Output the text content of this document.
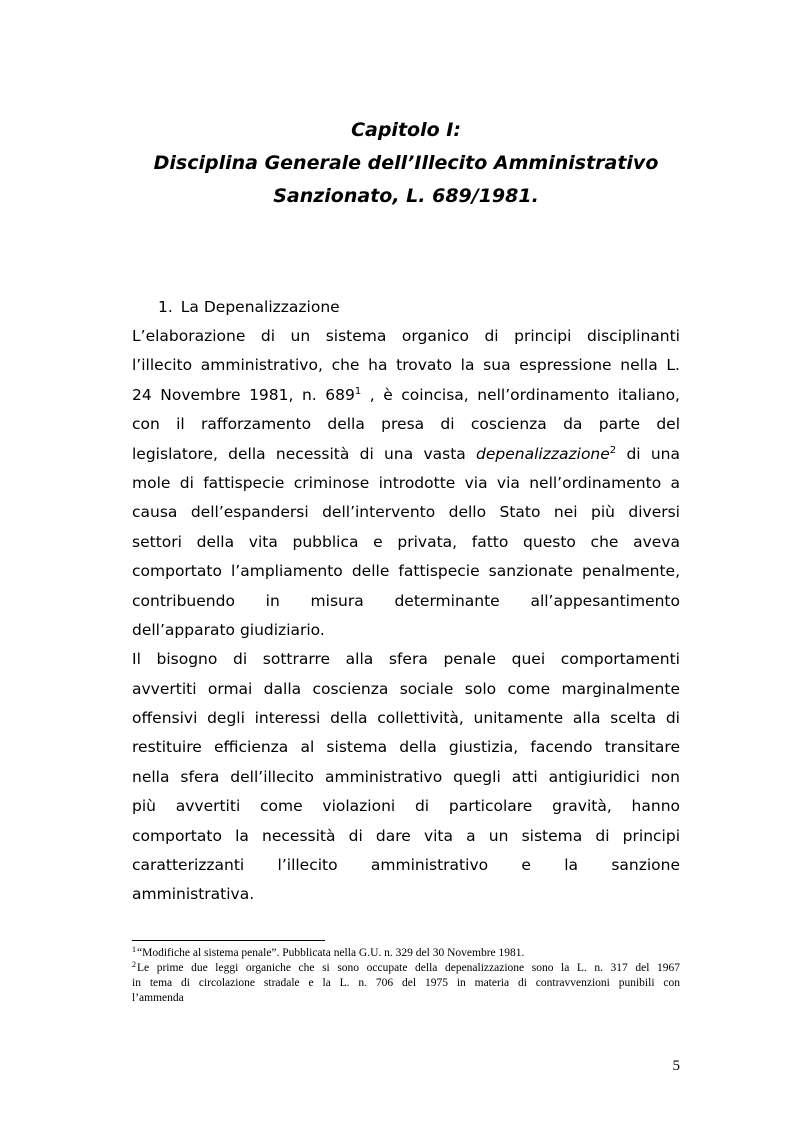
Capitolo I:
Disciplina Generale dell’Illecito Amministrativo
Sanzionato, L. 689/1981.
1. La Depenalizzazione
L’elaborazione di un sistema organico di principi disciplinanti
l’illecito amministrativo, che ha trovato la sua espressione nella L.
24 Novembre 1981, n. $689^1$ , è coincisa, nell’ordinamento italiano,
con il rafforzamento della presa di coscienza da parte del
legislatore, della necessità di una vasta depenalizzazione$^2$ di una
mole di fattispecie criminose introdotte via via nell’ordinamento a
causa dell’espandersi dell’intervento dello Stato nei più diversi
settori della vita pubblica e privata, fatto questo che aveva
comportato l’ampliamento delle fattispecie sanzionate penalmente,
contribuendo in misura determinante all’appesantimento
dell’apparato giudiziario.
Il bisogno di sottrarre alla sfera penale quei comportamenti
avvertiti ormai dalla coscienza sociale solo come marginalmente
offensivi degli interessi della collettività, unitamente alla scelta di
restituire efficienza al sistema della giustizia, facendo transitare
nella sfera dell’illecito amministrativo quegli atti antigiuridici non
più avvertiti come violazioni di particolare gravità, hanno
comportato la necessità di dare vita a un sistema di principi
caratterizzanti l’illecito amministrativo e la sanzione
amministrativa.
$^1$“Modifiche al sistema penale”. Pubblicata nella G.U. n. 329 del 30 Novembre 1981.
$^2$Le prime due leggi organiche che si sono occupate della depenalizzazione sono la L. n. 317 del 1967
in tema di circolazione stradale e la L. n. 706 del 1975 in materia di contravvenzioni punibili con
l’ammenda
5
